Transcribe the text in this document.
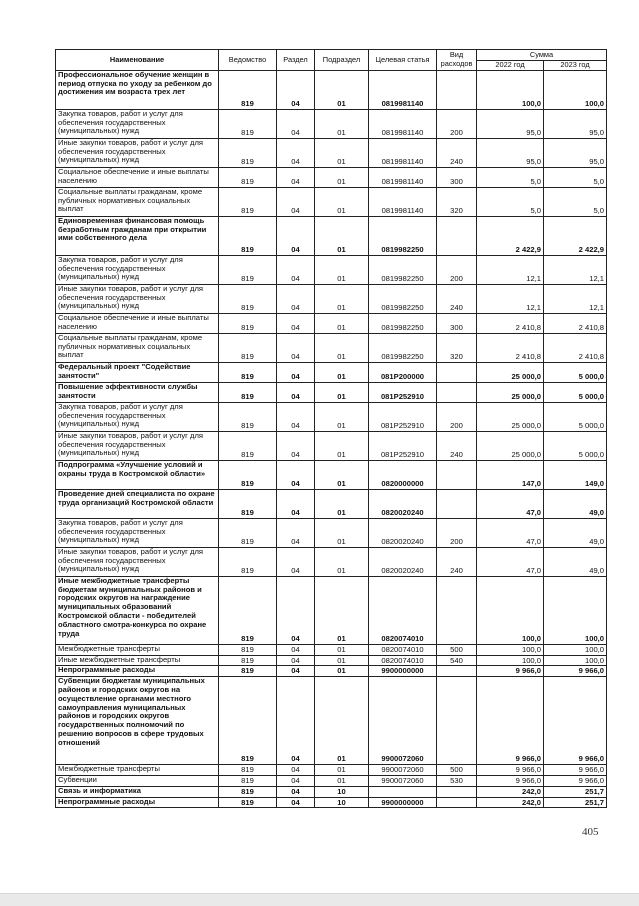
Наименование	Ведомство	Раздел	Подраздел	Целевая статья	Вид расходов	Сумма	
						2022 год	2023 год
Профессиональное обучение женщин в период отпуска по уходу за ребенком до достижения им возраста трех лет	819	04	01	0819981140		100,0	100,0
Закупка товаров, работ и услуг для обеспечения государственных (муниципальных) нужд	819	04	01	0819981140	200	95,0	95,0
Иные закупки товаров, работ и услуг для обеспечения государственных (муниципальных) нужд	819	04	01	0819981140	240	95,0	95,0
Социальное обеспечение и иные выплаты населению	819	04	01	0819981140	300	5,0	5,0
Социальные выплаты гражданам, кроме публичных нормативных социальных выплат	819	04	01	0819981140	320	5,0	5,0
Единовременная финансовая помощь безработным гражданам при открытии ими собственного дела	819	04	01	0819982250		2 422,9	2 422,9
Закупка товаров, работ и услуг для обеспечения государственных (муниципальных) нужд	819	04	01	0819982250	200	12,1	12,1
Иные закупки товаров, работ и услуг для обеспечения государственных (муниципальных) нужд	819	04	01	0819982250	240	12,1	12,1
Социальное обеспечение и иные выплаты населению	819	04	01	0819982250	300	2 410,8	2 410,8
Социальные выплаты гражданам, кроме публичных нормативных социальных выплат	819	04	01	0819982250	320	2 410,8	2 410,8
Федеральный проект "Содействие занятости"	819	04	01	081P200000		25 000,0	5 000,0
Повышение эффективности службы занятости	819	04	01	081P252910		25 000,0	5 000,0
Закупка товаров, работ и услуг для обеспечения государственных (муниципальных) нужд	819	04	01	081P252910	200	25 000,0	5 000,0
Иные закупки товаров, работ и услуг для обеспечения государственных (муниципальных) нужд	819	04	01	081P252910	240	25 000,0	5 000,0
Подпрограмма «Улучшение условий и охраны труда в Костромской области»	819	04	01	0820000000		147,0	149,0
Проведение дней специалиста по охране труда организаций Костромской области	819	04	01	0820020240		47,0	49,0
Закупка товаров, работ и услуг для обеспечения государственных (муниципальных) нужд	819	04	01	0820020240	200	47,0	49,0
Иные закупки товаров, работ и услуг для обеспечения государственных (муниципальных) нужд	819	04	01	0820020240	240	47,0	49,0
Иные межбюджетные трансферты бюджетам муниципальных районов и городских округов на награждение муниципальных образований Костромской области - победителей областного смотра-конкурса по охране труда	819	04	01	0820074010		100,0	100,0
Межбюджетные трансферты	819	04	01	0820074010	500	100,0	100,0
Иные межбюджетные трансферты	819	04	01	0820074010	540	100,0	100,0
Непрограммные расходы	819	04	01	9900000000		9 966,0	9 966,0
Субвенции бюджетам муниципальных районов и городских округов на осуществление органами местного самоуправления муниципальных районов и городских округов государственных полномочий по решению вопросов в сфере трудовых отношений	819	04	01	9900072060		9 966,0	9 966,0
Межбюджетные трансферты	819	04	01	9900072060	500	9 966,0	9 966,0
Субвенции	819	04	01	9900072060	530	9 966,0	9 966,0
Связь и информатика	819	04	10			242,0	251,7
Непрограммные расходы	819	04	10	9900000000		242,0	251,7
405
